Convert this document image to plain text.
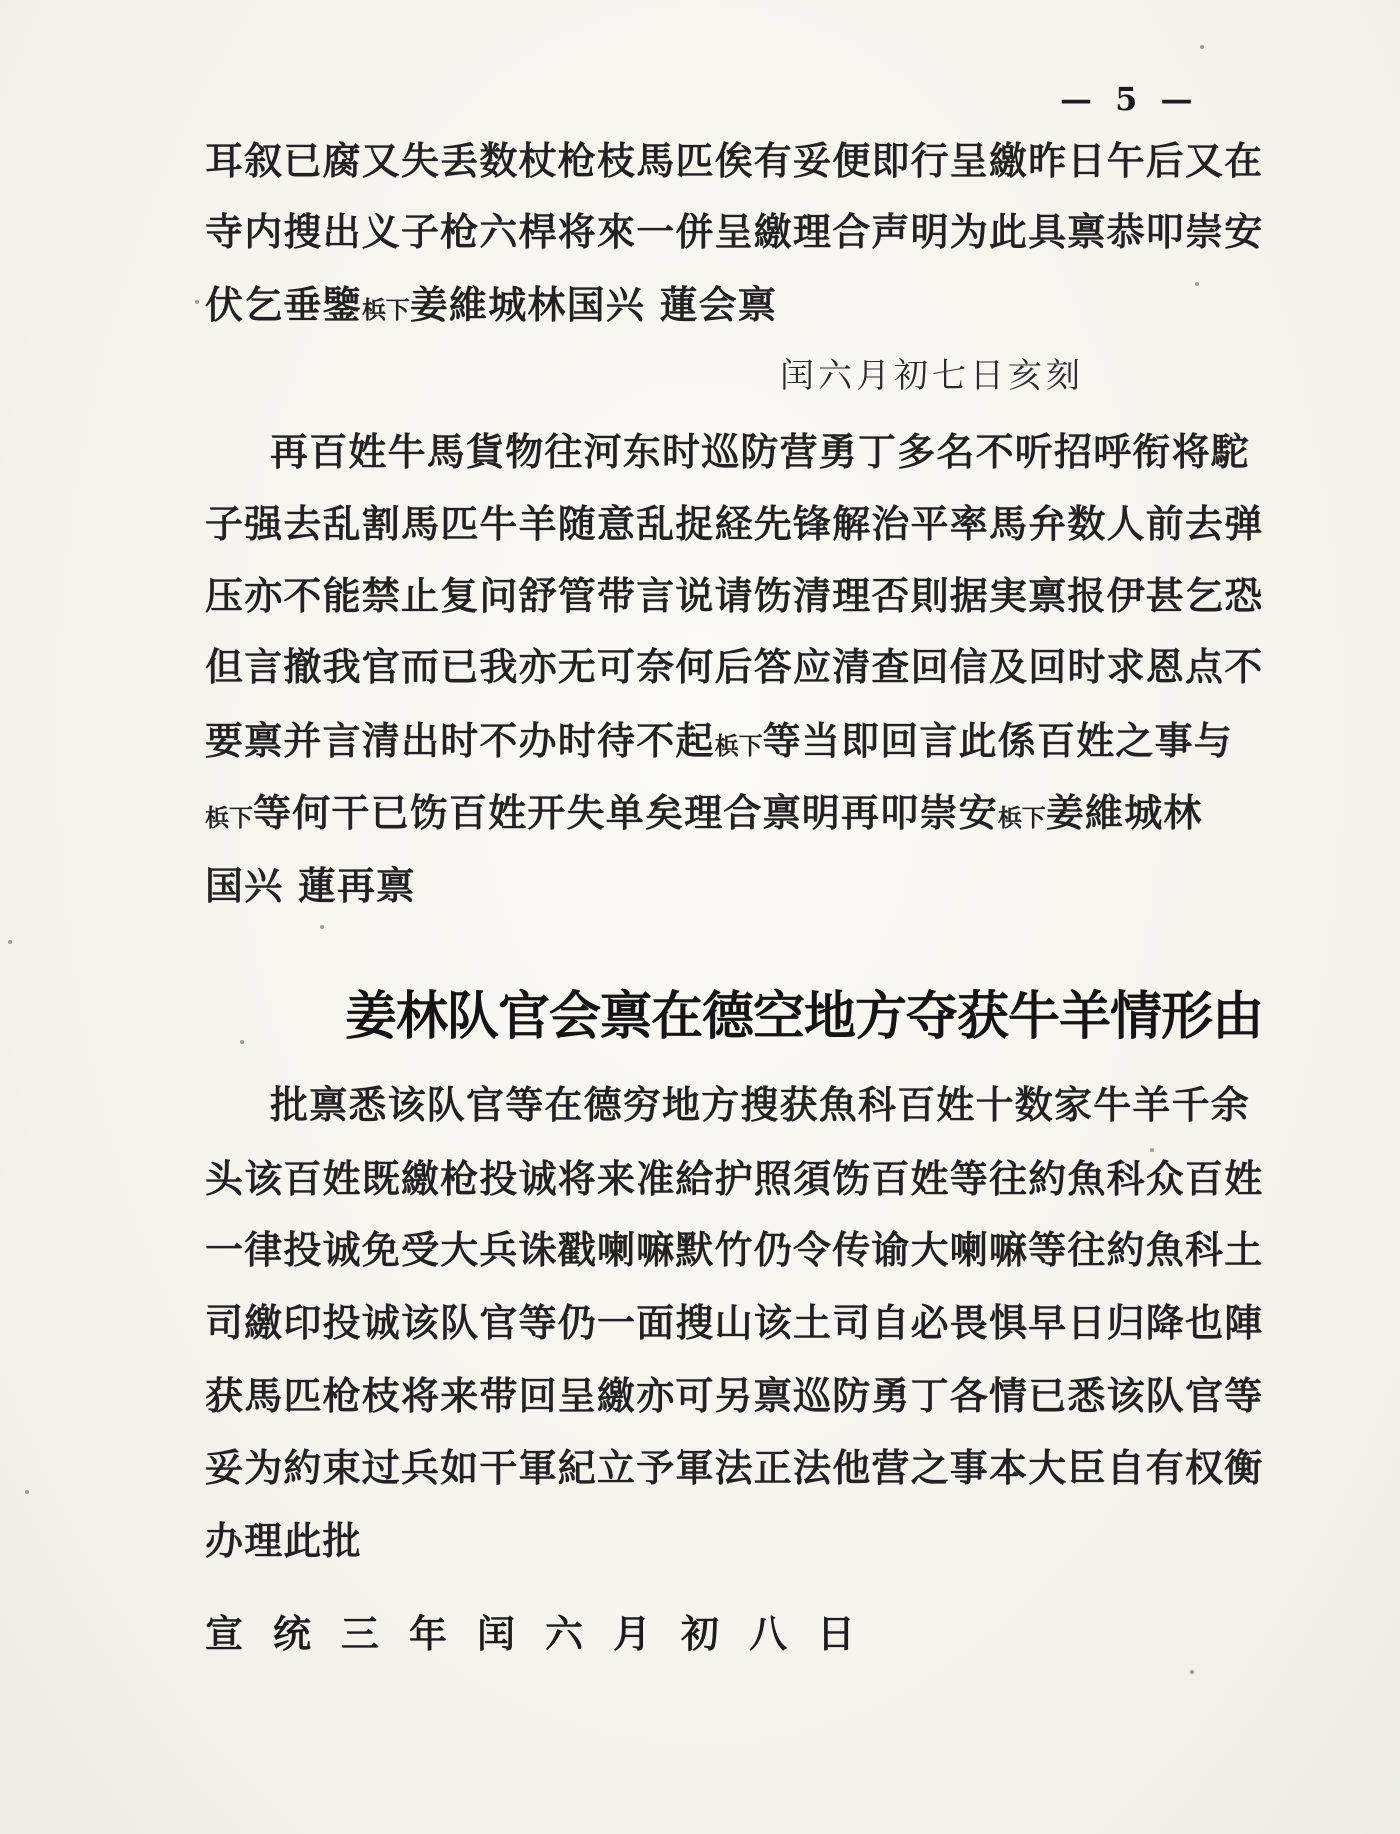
— 5 —
耳叙已腐又失丢数杖枪枝馬匹俟有妥便即行呈繳昨日午后又在
寺内搜出义子枪六桿将來一併呈繳理合声明为此具禀恭叩崇安
伏乞垂鑒梹下姜維城林国兴 蓮会禀
闰六月初七日亥刻
再百姓牛馬貨物往河东时巡防营勇丁多名不听招呼衔将駝
子强去乱割馬匹牛羊随意乱捉経先锋解治平率馬弁数人前去弹
压亦不能禁止复问舒管带言说请饬清理否則据実禀报伊甚乞恐
但言撤我官而已我亦无可奈何后答应清查回信及回时求恩点不
要禀并言清出时不办时待不起梹下等当即回言此係百姓之事与
梹下等何干已饬百姓开失单矣理合禀明再叩崇安梹下姜維城林
国兴 蓮再禀
姜林队官会禀在德空地方夺获牛羊情形由
批禀悉该队官等在德穷地方搜获魚科百姓十数家牛羊千余
头该百姓既繳枪投诚将来准給护照須饬百姓等往約魚科众百姓
一律投诚免受大兵诛戳喇嘛默竹仍令传谕大喇嘛等往約魚科土
司繳印投诚该队官等仍一面搜山该土司自必畏惧早日归降也陣
获馬匹枪枝将来带回呈繳亦可另禀巡防勇丁各情已悉该队官等
妥为約束过兵如干軍紀立予軍法正法他营之事本大臣自有权衡
办理此批
宣统三年闰六月初八日
